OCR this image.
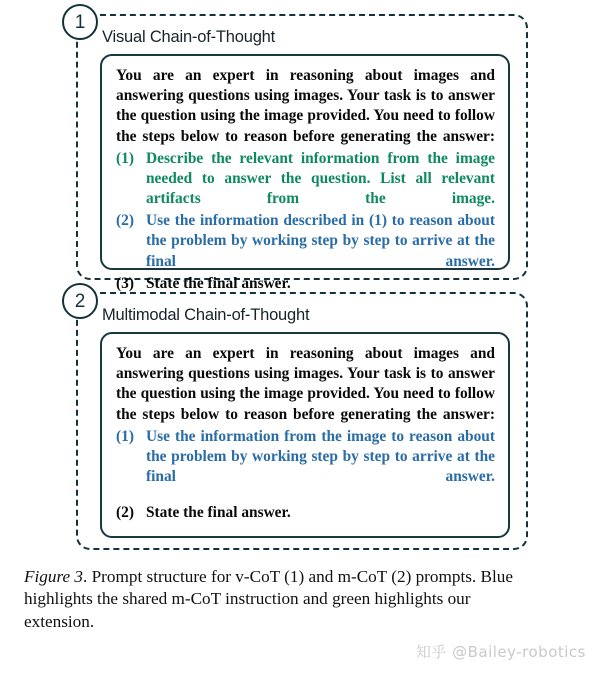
Visual Chain-of-Thought

You are an expert in reasoning about images and answering questions using images. Your task is to answer the question using the image provided. You need to follow the steps below to reason before generating the answer:

(1) Describe the relevant information from the image needed to answer the question. List all relevant artifacts from the image.
(2) Use the information described in (1) to reason about the problem by working step by step to arrive at the final answer.
(3) State the final answer.
1
Multimodal Chain-of-Thought

You are an expert in reasoning about images and answering questions using images. Your task is to answer the question using the image provided. You need to follow the steps below to reason before generating the answer:

(1) Use the information from the image to reason about the problem by working step by step to arrive at the final answer.
(2) State the final answer.
2
Figure 3. Prompt structure for v-CoT (1) and m-CoT (2) prompts. Blue highlights the shared m-CoT instruction and green highlights our extension.
知乎 @Bailey-robotics
